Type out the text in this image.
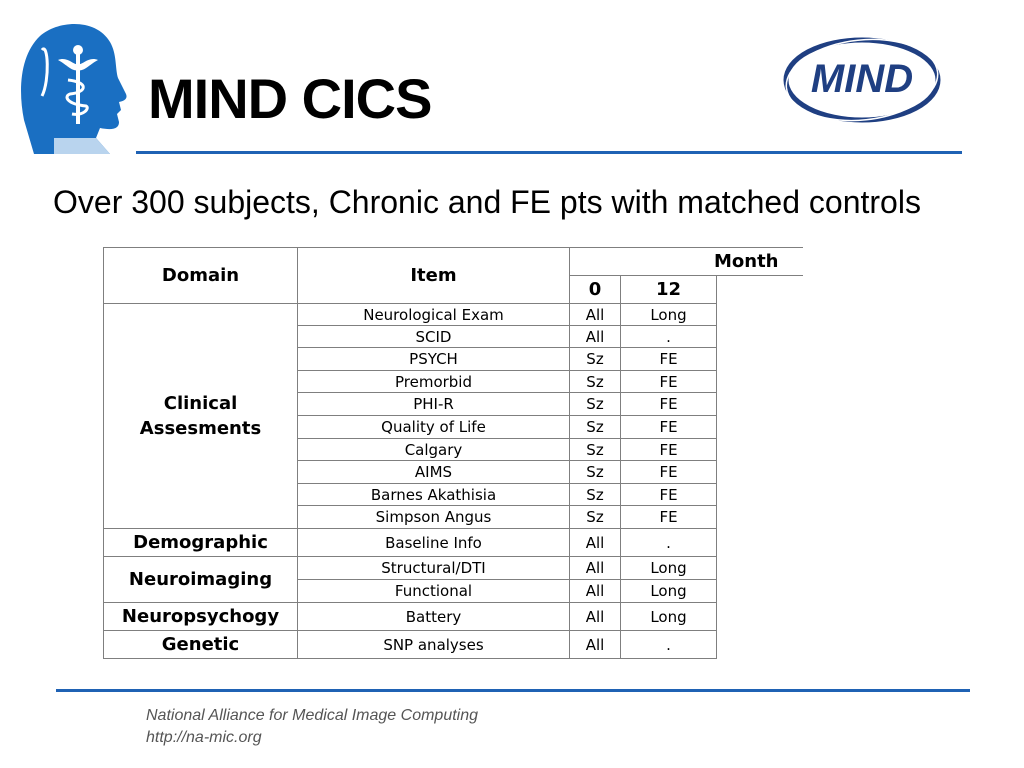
MIND CICS	MIND

Over 300 subjects, Chronic and FE pts with matched controls

Domain	Item	Month		
		0	12	
Clinical Assesments	Neurological Exam	All	Long	
	SCID	All	.	
	PSYCH	Sz	FE	
	Premorbid	Sz	FE	
	PHI-R	Sz	FE	
	Quality of Life	Sz	FE	
	Calgary	Sz	FE	
	AIMS	Sz	FE	
	Barnes Akathisia	Sz	FE	
	Simpson Angus	Sz	FE	
Demographic	Baseline Info	All	.	
Neuroimaging	Structural/DTI	All	Long	
	Functional	All	Long	
Neuropsychogy	Battery	All	Long	
Genetic	SNP analyses	All	.	

National Alliance for Medical Image Computing

http://na-mic.org
